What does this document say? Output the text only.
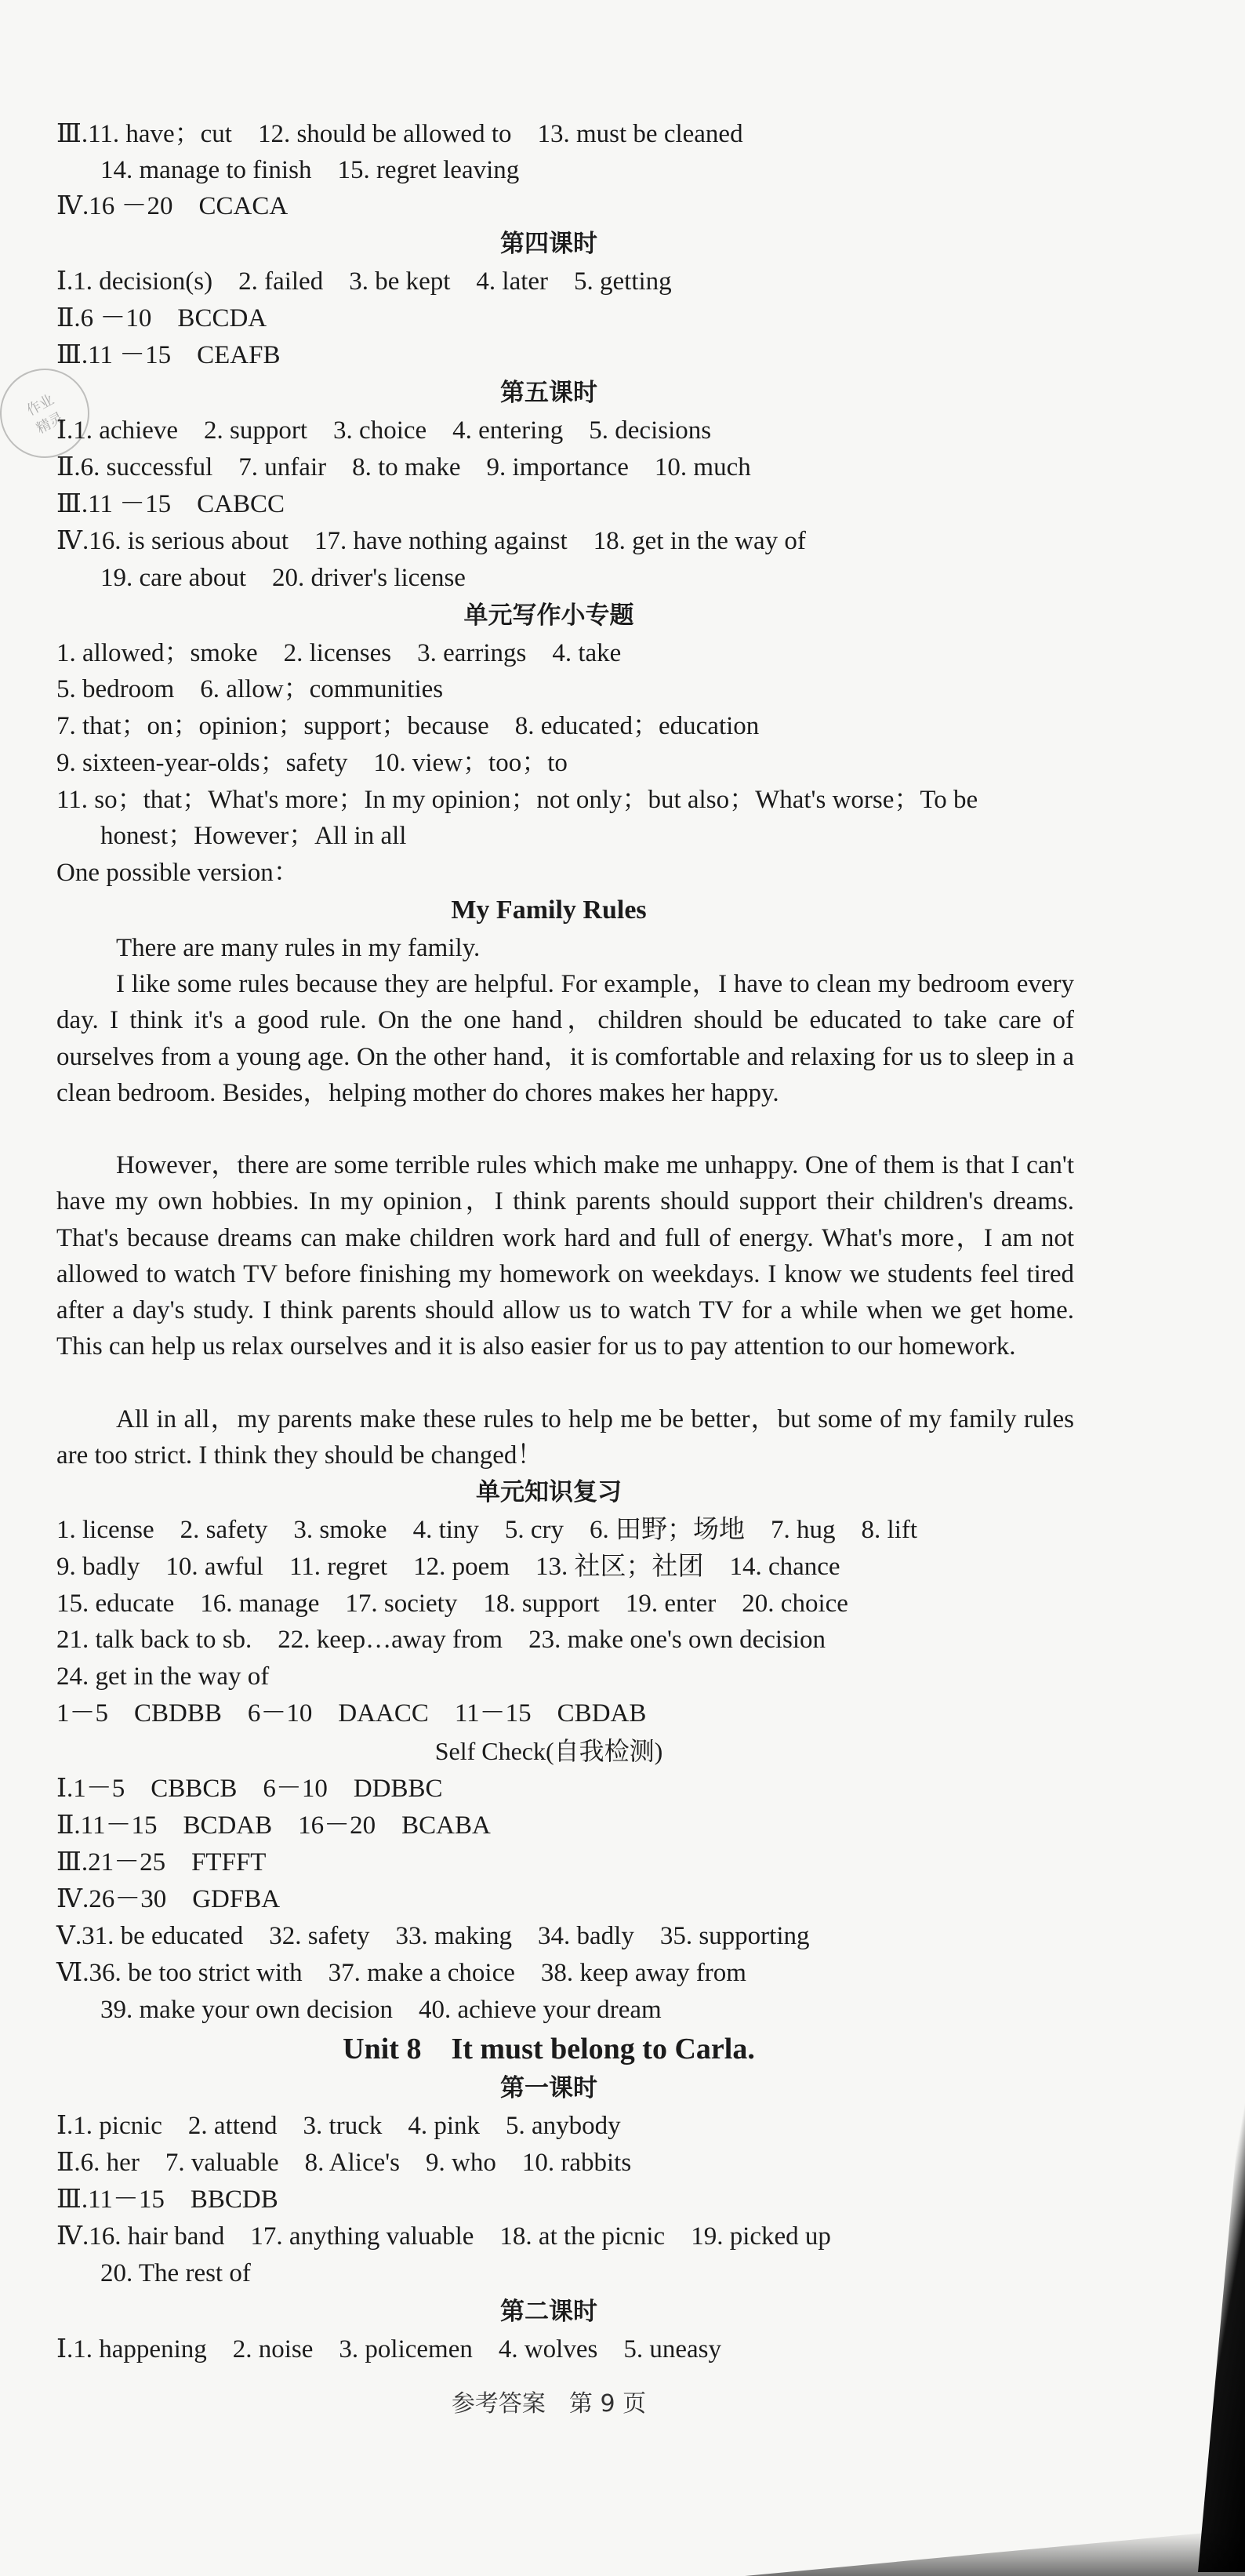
作业
精灵
Ⅲ.11. have；cut　12. should be allowed to　13. must be cleaned
14. manage to finish　15. regret leaving
Ⅳ.16 －20　CCACA
第四课时
Ⅰ.1. decision(s)　2. failed　3. be kept　4. later　5. getting
Ⅱ.6 －10　BCCDA
Ⅲ.11 －15　CEAFB
第五课时
Ⅰ.1. achieve　2. support　3. choice　4. entering　5. decisions
Ⅱ.6. successful　7. unfair　8. to make　9. importance　10. much
Ⅲ.11 －15　CABCC
Ⅳ.16. is serious about　17. have nothing against　18. get in the way of
19. care about　20. driver's license
单元写作小专题
1. allowed；smoke　2. licenses　3. earrings　4. take
5. bedroom　6. allow；communities
7. that；on；opinion；support；because　8. educated；education
9. sixteen-year-olds；safety　10. view；too；to
11. so；that；What's more；In my opinion；not only；but also；What's worse；To be
honest；However；All in all
One possible version：
My Family Rules

There are many rules in my family.

I like some rules because they are helpful. For example，I have to clean my bedroom every day. I think it's a good rule. On the one hand，children should be educated to take care of ourselves from a young age. On the other hand，it is comfortable and relaxing for us to sleep in a clean bedroom. Besides，helping mother do chores makes her happy.

However，there are some terrible rules which make me unhappy. One of them is that I can't have my own hobbies. In my opinion，I think parents should support their children's dreams. That's because dreams can make children work hard and full of energy. What's more，I am not allowed to watch TV before finishing my homework on weekdays. I know we students feel tired after a day's study. I think parents should allow us to watch TV for a while when we get home. This can help us relax ourselves and it is also easier for us to pay attention to our homework.

All in all，my parents make these rules to help me be better，but some of my family rules are too strict. I think they should be changed！

单元知识复习
1. license　2. safety　3. smoke　4. tiny　5. cry　6. 田野；场地　7. hug　8. lift
9. badly　10. awful　11. regret　12. poem　13. 社区；社团　14. chance
15. educate　16. manage　17. society　18. support　19. enter　20. choice
21. talk back to sb.　22. keep…away from　23. make one's own decision
24. get in the way of
1－5　CBDBB　6－10　DAACC　11－15　CBDAB
Self Check(自我检测)
Ⅰ.1－5　CBBCB　6－10　DDBBC
Ⅱ.11－15　BCDAB　16－20　BCABA
Ⅲ.21－25　FTFFT
Ⅳ.26－30　GDFBA
Ⅴ.31. be educated　32. safety　33. making　34. badly　35. supporting
Ⅵ.36. be too strict with　37. make a choice　38. keep away from
39. make your own decision　40. achieve your dream
Unit 8　It must belong to Carla.
第一课时
Ⅰ.1. picnic　2. attend　3. truck　4. pink　5. anybody
Ⅱ.6. her　7. valuable　8. Alice's　9. who　10. rabbits
Ⅲ.11－15　BBCDB
Ⅳ.16. hair band　17. anything valuable　18. at the picnic　19. picked up
20. The rest of
第二课时
Ⅰ.1. happening　2. noise　3. policemen　4. wolves　5. uneasy
参考答案　第 9 页
